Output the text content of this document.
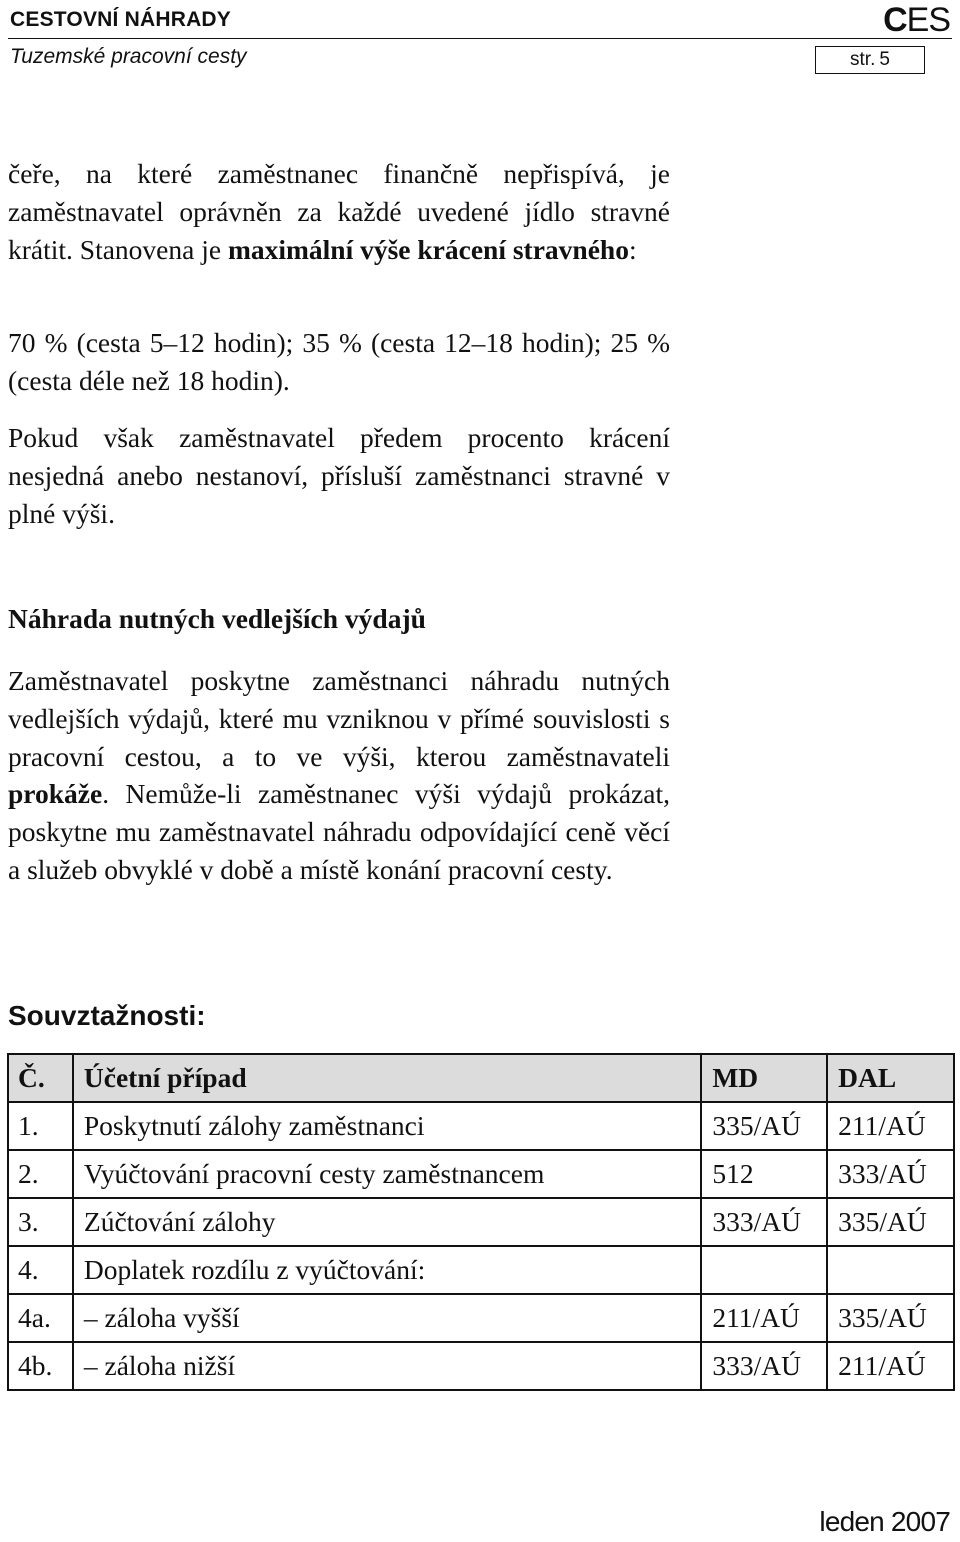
CESTOVNÍ NÁHRADY	CES
Tuzemské pracovní cesty	str. 5
čeře, na které zaměstnanec finančně nepřispívá, je zaměstnavatel oprávněn za každé uvedené jídlo stravné krátit. Stanovena je maximální výše krácení stravného:
70 % (cesta 5–12 hodin); 35 % (cesta 12–18 hodin); 25 % (cesta déle než 18 hodin).
Pokud však zaměstnavatel předem procento krácení nesjedná anebo nestanoví, přísluší zaměstnanci stravné v plné výši.
Náhrada nutných vedlejších výdajů
Zaměstnavatel poskytne zaměstnanci náhradu nutných vedlejších výdajů, které mu vzniknou v přímé souvislosti s pracovní cestou, a to ve výši, kterou zaměstnavateli prokáže. Nemůže-li zaměstnanec výši výdajů prokázat, poskytne mu zaměstnavatel náhradu odpovídající ceně věcí a služeb obvyklé v době a místě konání pracovní cesty.
Souvztažnosti:
Č.	Účetní případ	MD	DAL
1.	Poskytnutí zálohy zaměstnanci	335/AÚ	211/AÚ
2.	Vyúčtování pracovní cesty zaměstnancem	512	333/AÚ
3.	Zúčtování zálohy	333/AÚ	335/AÚ
4.	Doplatek rozdílu z vyúčtování:		
4a.	– záloha vyšší	211/AÚ	335/AÚ
4b.	– záloha nižší	333/AÚ	211/AÚ
leden 2007
